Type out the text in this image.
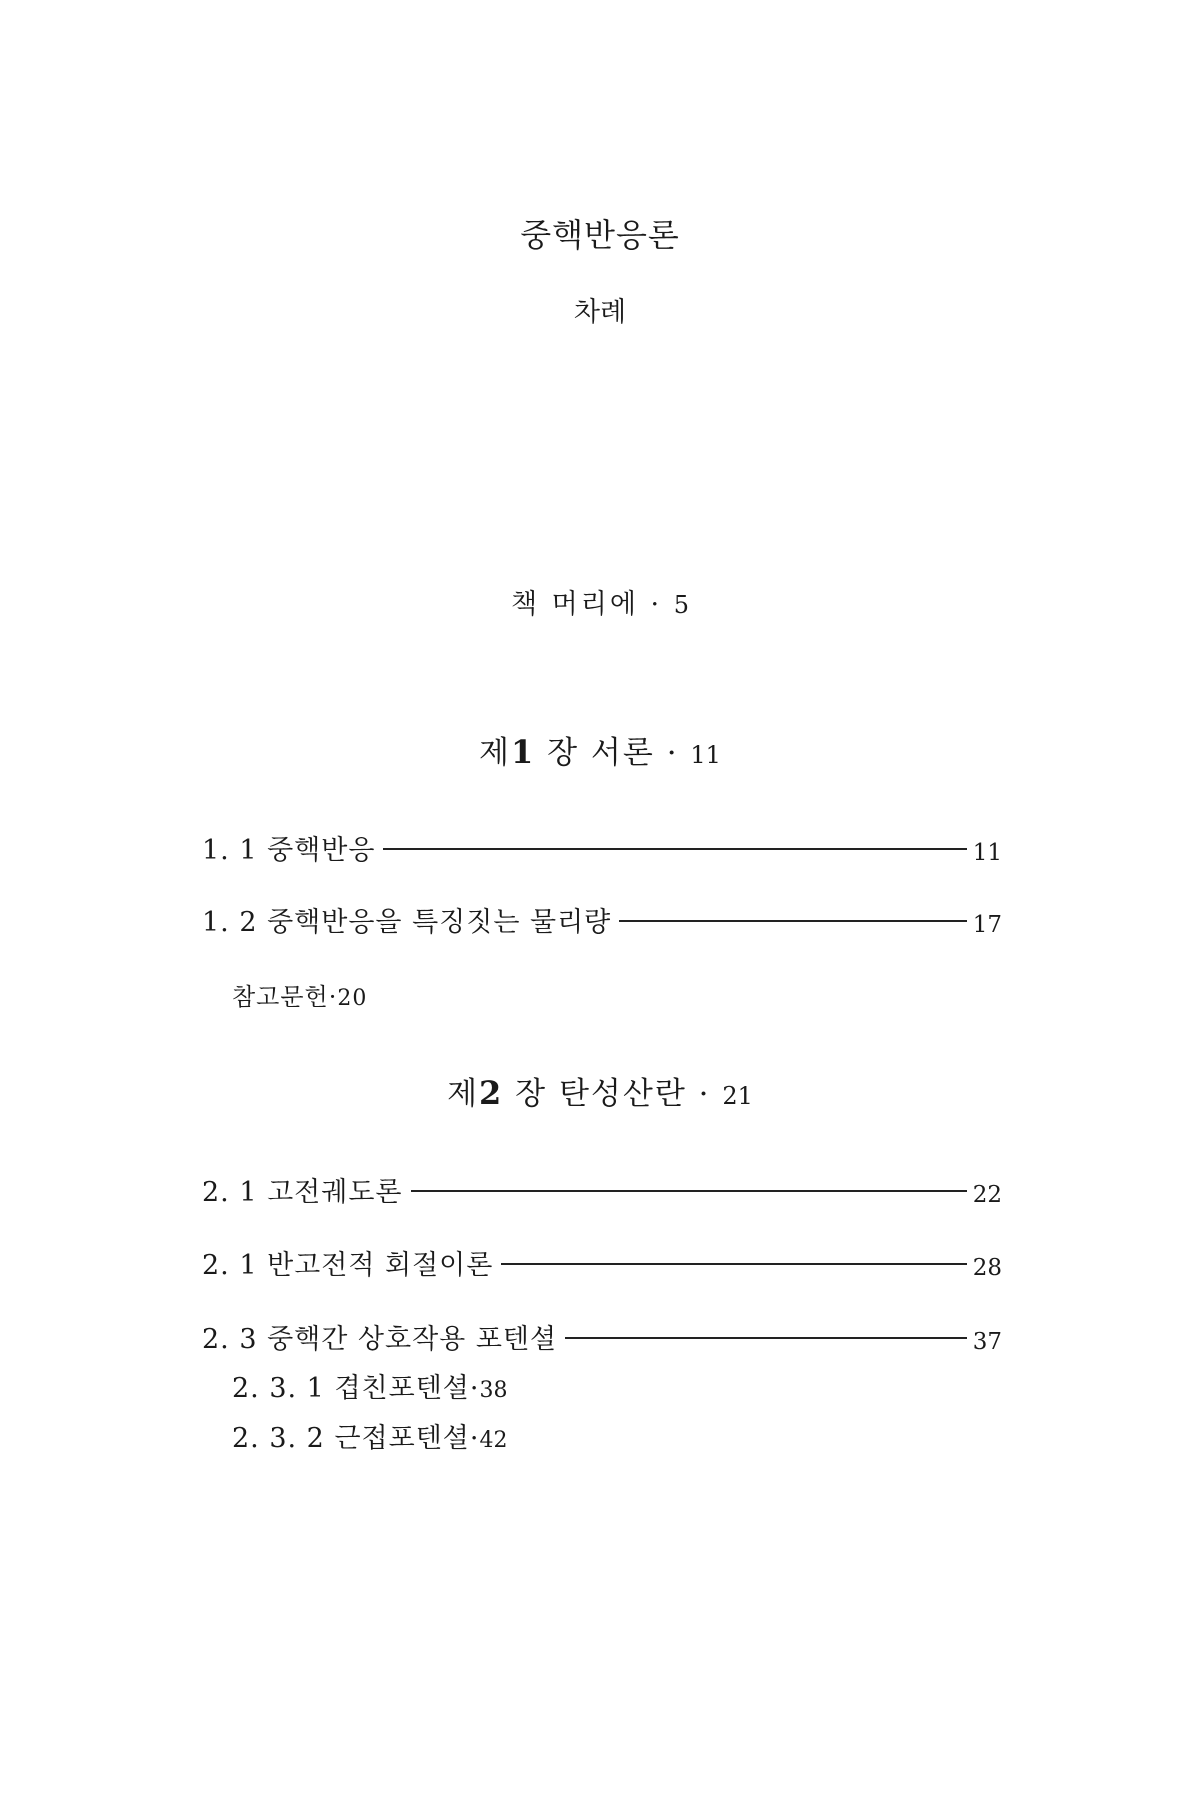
중핵반응론
차례
책 머리에 · 5
제1 장 서론 · 11
1. 1 중핵반응	11
1. 2 중핵반응을 특징짓는 물리량	17
참고문헌·20
제2 장 탄성산란 · 21
2. 1 고전궤도론	22
2. 1 반고전적 회절이론	28
2. 3 중핵간 상호작용 포텐셜	37
2. 3. 1 겹친포텐셜·38
2. 3. 2 근접포텐셜·42
